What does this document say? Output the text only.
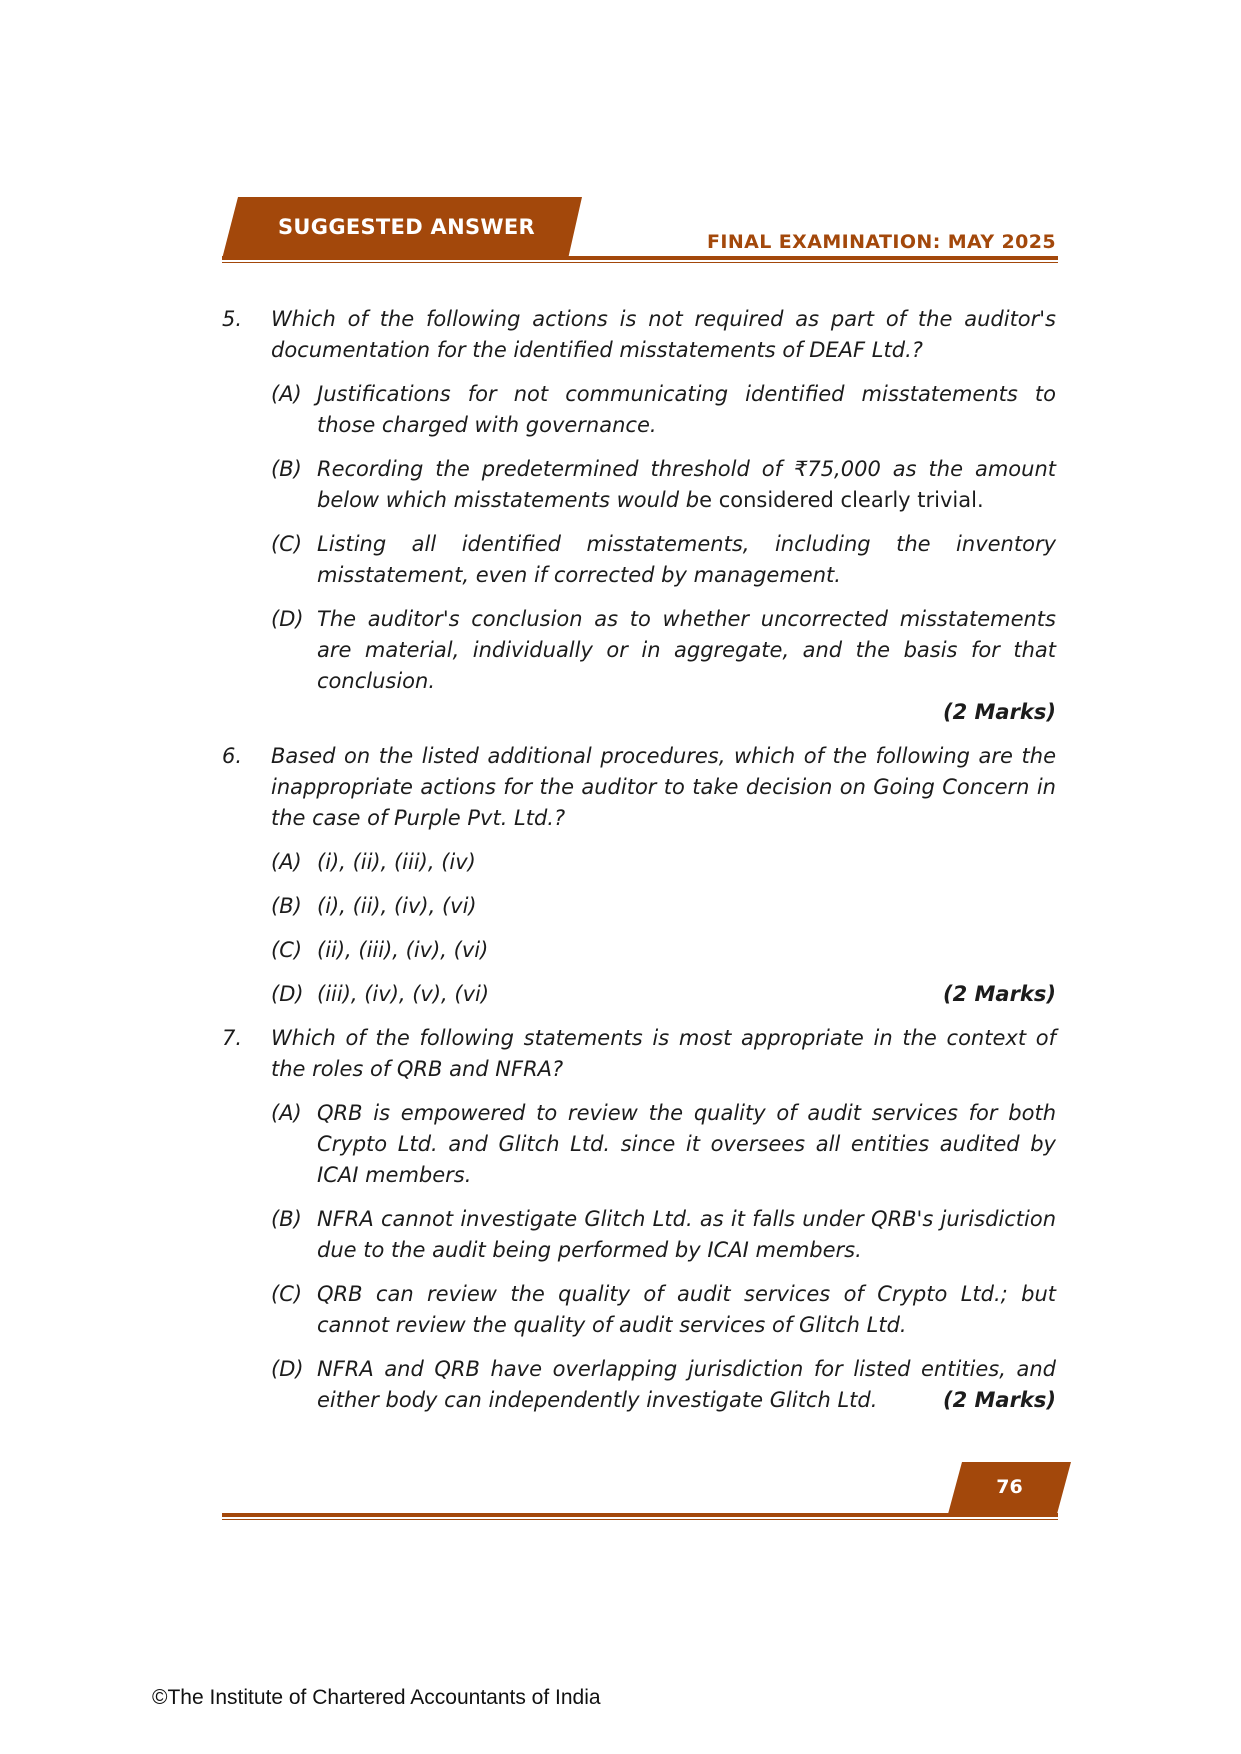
SUGGESTED ANSWER
FINAL EXAMINATION: MAY 2025
5.	Which of the following actions is not required as part of the auditor's documentation for the identified misstatements of DEAF Ltd.?
(A) Justifications for not communicating identified misstatements to those charged with governance.
(B) Recording the predetermined threshold of ₹75,000 as the amount below which misstatements would be considered clearly trivial.
(C) Listing all identified misstatements, including the inventory misstatement, even if corrected by management.
(D) The auditor's conclusion as to whether uncorrected misstatements are material, individually or in aggregate, and the basis for that conclusion.
(2 Marks)
6.	Based on the listed additional procedures, which of the following are the inappropriate actions for the auditor to take decision on Going Concern in the case of Purple Pvt. Ltd.?
(A) (i), (ii), (iii), (iv)
(B) (i), (ii), (iv), (vi)
(C) (ii), (iii), (iv), (vi)
(D)	(2 Marks)
(iii), (iv), (v), (vi)
7.	Which of the following statements is most appropriate in the context of the roles of QRB and NFRA?
(A) QRB is empowered to review the quality of audit services for both Crypto Ltd. and Glitch Ltd. since it oversees all entities audited by ICAI members.
(B) NFRA cannot investigate Glitch Ltd. as it falls under QRB's jurisdiction due to the audit being performed by ICAI members.
(C) QRB can review the quality of audit services of Crypto Ltd.; but cannot review the quality of audit services of Glitch Ltd.
(D) NFRA and QRB have overlapping jurisdiction for listed entities, and either body can independently investigate Glitch Ltd.	(2 Marks)
76
©The Institute of Chartered Accountants of India
